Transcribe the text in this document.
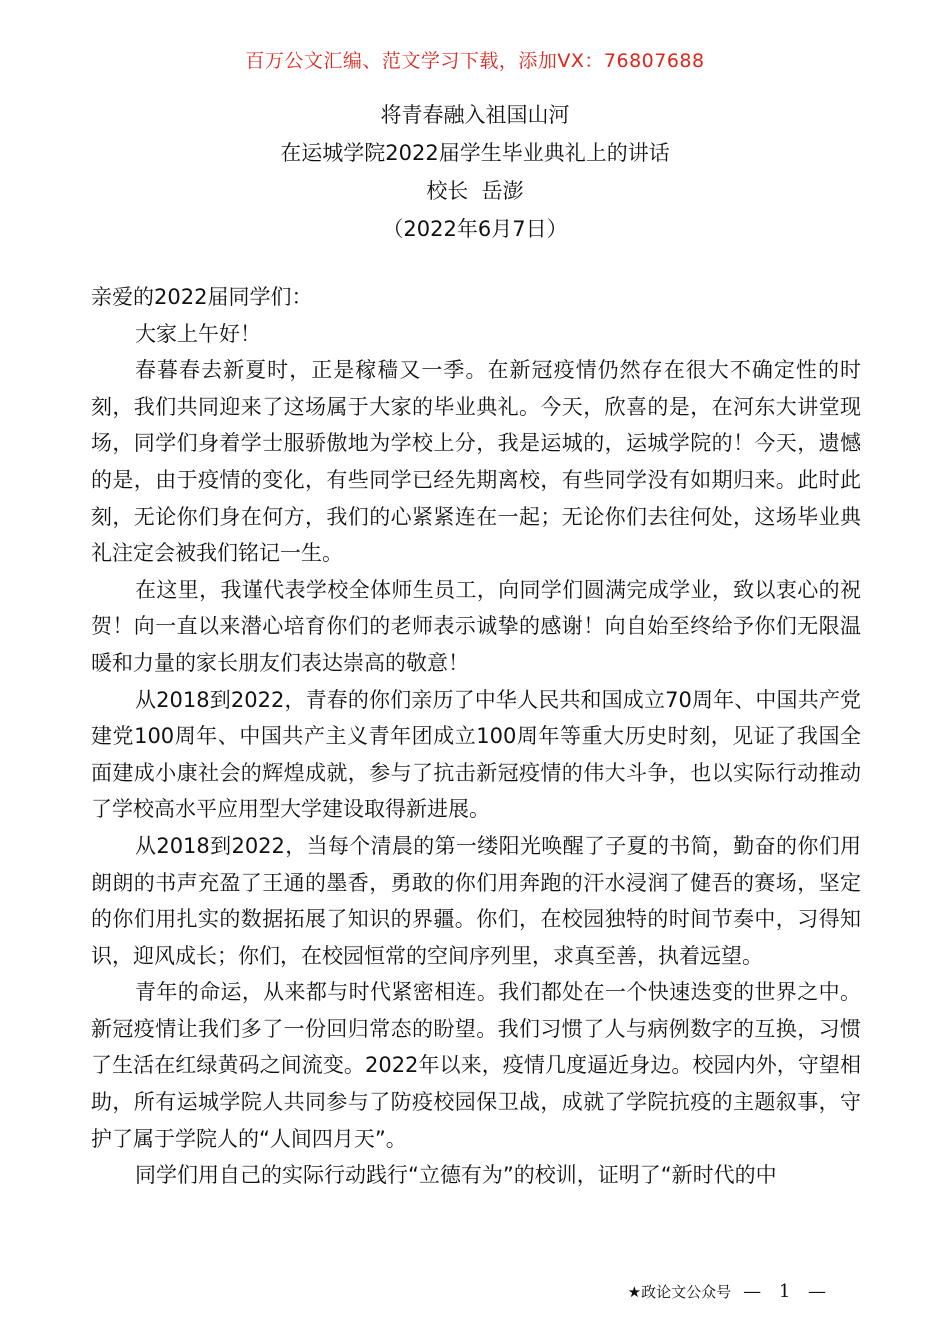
百万公文汇编、范文学习下载，添加VX：76807688
将青春融入祖国山河
在运城学院2022届学生毕业典礼上的讲话
校长  岳澎
（2022年6月7日）

亲爱的2022届同学们：

大家上午好！

春暮春去新夏时，正是稼穑又一季。在新冠疫情仍然存在很大不确定性的时刻，我们共同迎来了这场属于大家的毕业典礼。今天，欣喜的是，在河东大讲堂现场，同学们身着学士服骄傲地为学校上分，我是运城的，运城学院的！今天，遗憾的是，由于疫情的变化，有些同学已经先期离校，有些同学没有如期归来。此时此刻，无论你们身在何方，我们的心紧紧连在一起；无论你们去往何处，这场毕业典礼注定会被我们铭记一生。

在这里，我谨代表学校全体师生员工，向同学们圆满完成学业，致以衷心的祝贺！向一直以来潜心培育你们的老师表示诚挚的感谢！向自始至终给予你们无限温暖和力量的家长朋友们表达崇高的敬意！

从2018到2022，青春的你们亲历了中华人民共和国成立70周年、中国共产党建党100周年、中国共产主义青年团成立100周年等重大历史时刻，见证了我国全面建成小康社会的辉煌成就，参与了抗击新冠疫情的伟大斗争，也以实际行动推动了学校高水平应用型大学建设取得新进展。

从2018到2022，当每个清晨的第一缕阳光唤醒了子夏的书简，勤奋的你们用朗朗的书声充盈了王通的墨香，勇敢的你们用奔跑的汗水浸润了健吾的赛场，坚定的你们用扎实的数据拓展了知识的界疆。你们，在校园独特的时间节奏中，习得知识，迎风成长；你们，在校园恒常的空间序列里，求真至善，执着远望。

青年的命运，从来都与时代紧密相连。我们都处在一个快速迭变的世界之中。新冠疫情让我们多了一份回归常态的盼望。我们习惯了人与病例数字的互换，习惯了生活在红绿黄码之间流变。2022年以来，疫情几度逼近身边。校园内外，守望相助，所有运城学院人共同参与了防疫校园保卫战，成就了学院抗疫的主题叙事，守护了属于学院人的“人间四月天”。

同学们用自己的实际行动践行“立德有为”的校训，证明了“新时代的中

★政论文公众号 — 1 —
